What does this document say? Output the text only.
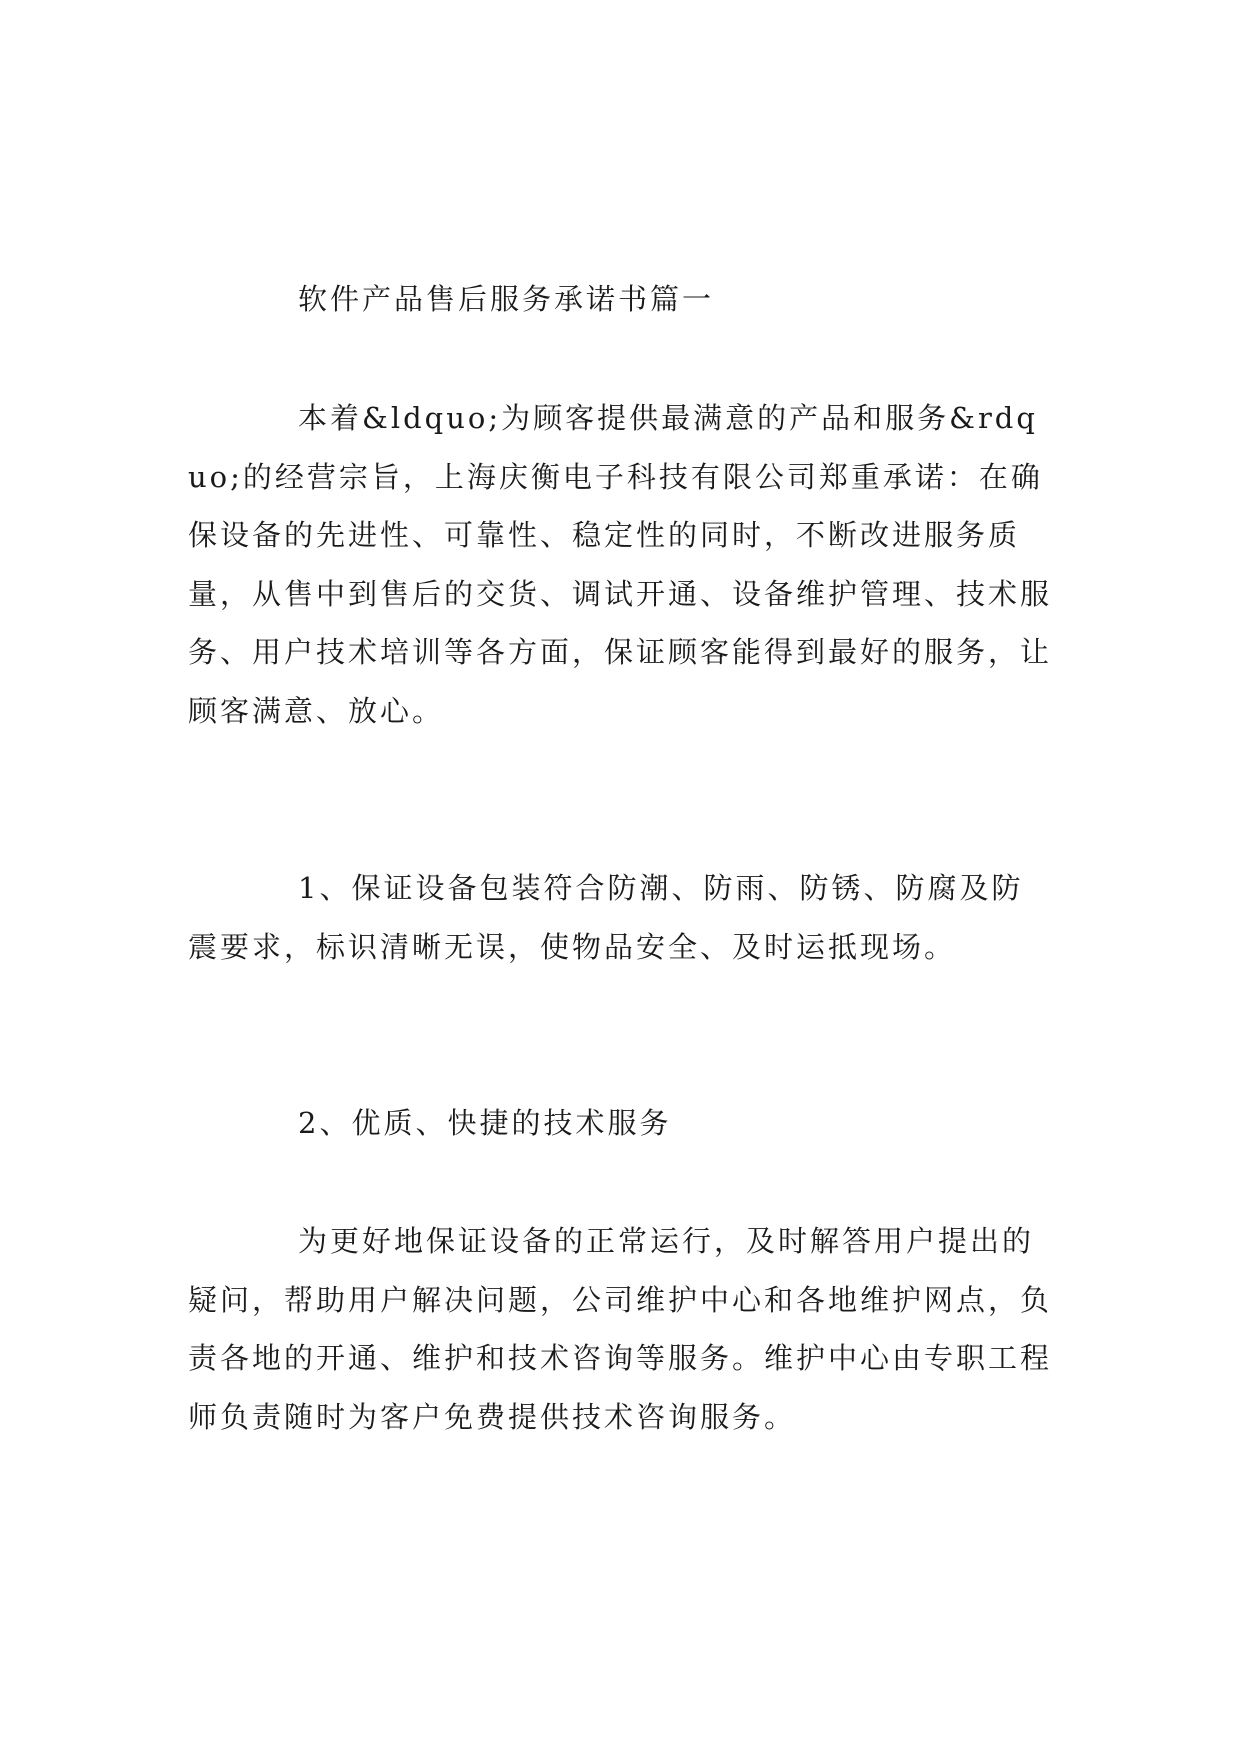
软件产品售后服务承诺书篇一

本着&ldquo;为顾客提供最满意的产品和服务&rdquo;的经营宗旨，上海庆衡电子科技有限公司郑重承诺：在确保设备的先进性、可靠性、稳定性的同时，不断改进服务质量，从售中到售后的交货、调试开通、设备维护管理、技术服务、用户技术培训等各方面，保证顾客能得到最好的服务，让顾客满意、放心。

1、保证设备包装符合防潮、防雨、防锈、防腐及防震要求，标识清晰无误，使物品安全、及时运抵现场。

2、优质、快捷的技术服务

为更好地保证设备的正常运行，及时解答用户提出的疑问，帮助用户解决问题，公司维护中心和各地维护网点，负责各地的开通、维护和技术咨询等服务。维护中心由专职工程师负责随时为客户免费提供技术咨询服务。
